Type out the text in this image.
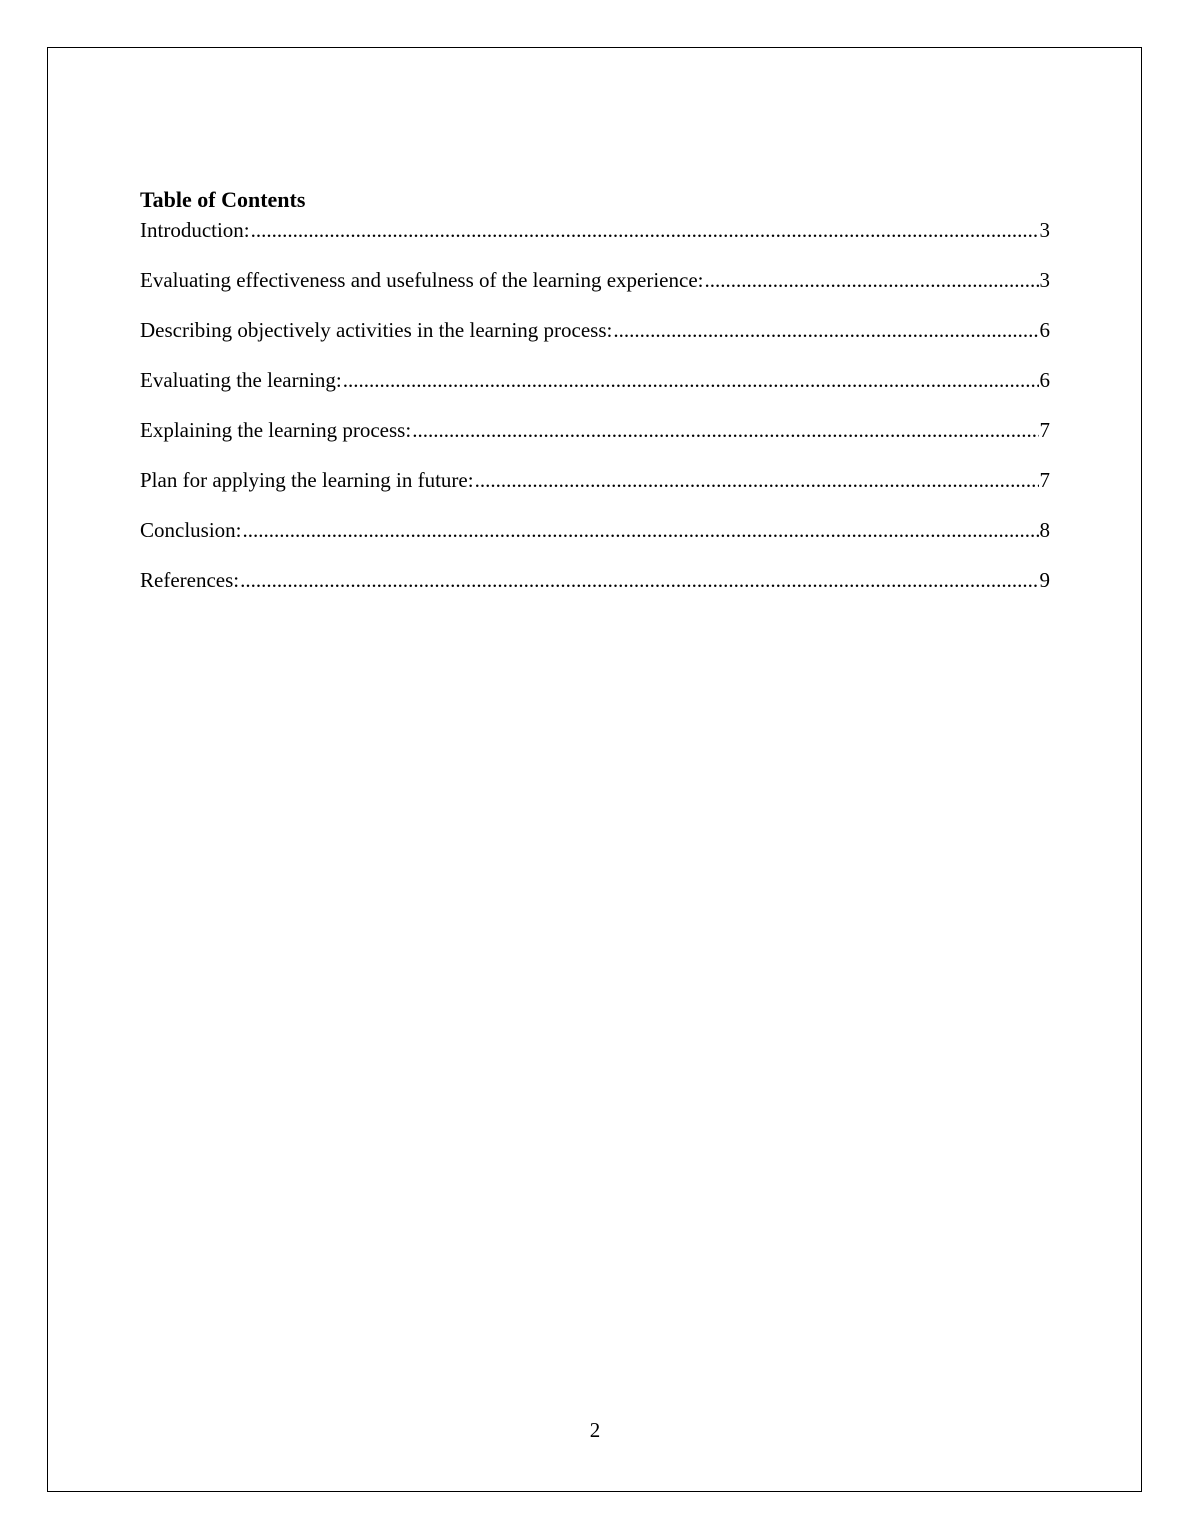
Table of Contents
Introduction: .....	3
Evaluating effectiveness and usefulness of the learning experience: .....	3
Describing objectively activities in the learning process: .....	6
Evaluating the learning: .....	6
Explaining the learning process: .....	7
Plan for applying the learning in future: .....	7
Conclusion: .....	8
References: .....	9
2
